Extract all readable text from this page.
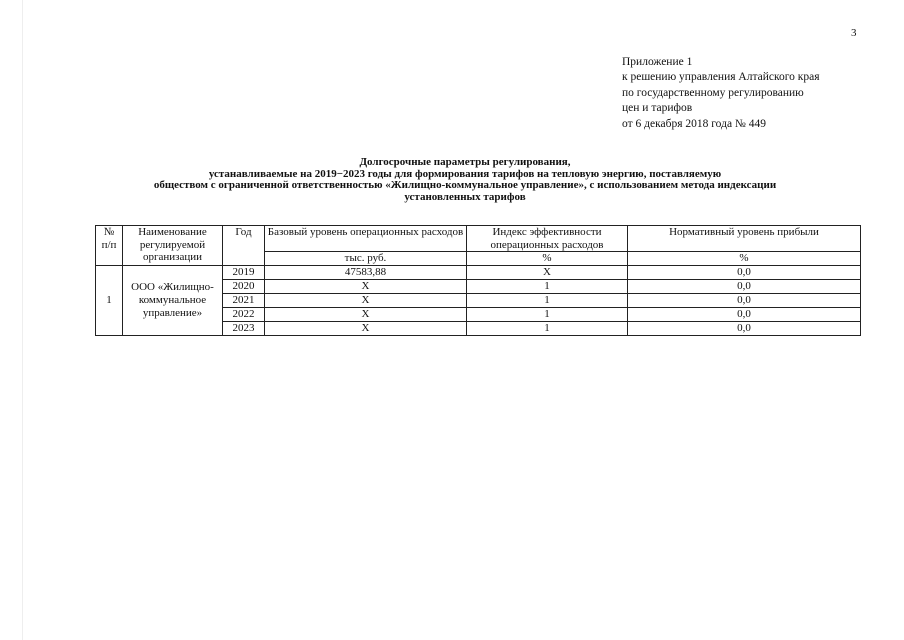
3
Приложение 1
к решению управления Алтайского края
по государственному регулированию
цен и тарифов
от 6 декабря 2018 года № 449
Долгосрочные параметры регулирования,
устанавливаемые на 2019−2023 годы для формирования тарифов на тепловую энергию, поставляемую
обществом с ограниченной ответственностью «Жилищно-коммунальное управление», с использованием метода индексации
установленных тарифов
№ п/п	Наименование регулируемой организации	Год	Базовый уровень операционных расходов	Индекс эффективности операционных расходов	Нормативный уровень прибыли
			тыс. руб.	%	%
1	ООО «Жилищно-коммунальное управление»	2019	47583,88	X	0,0
		2020	X	1	0,0
		2021	X	1	0,0
		2022	X	1	0,0
		2023	X	1	0,0
